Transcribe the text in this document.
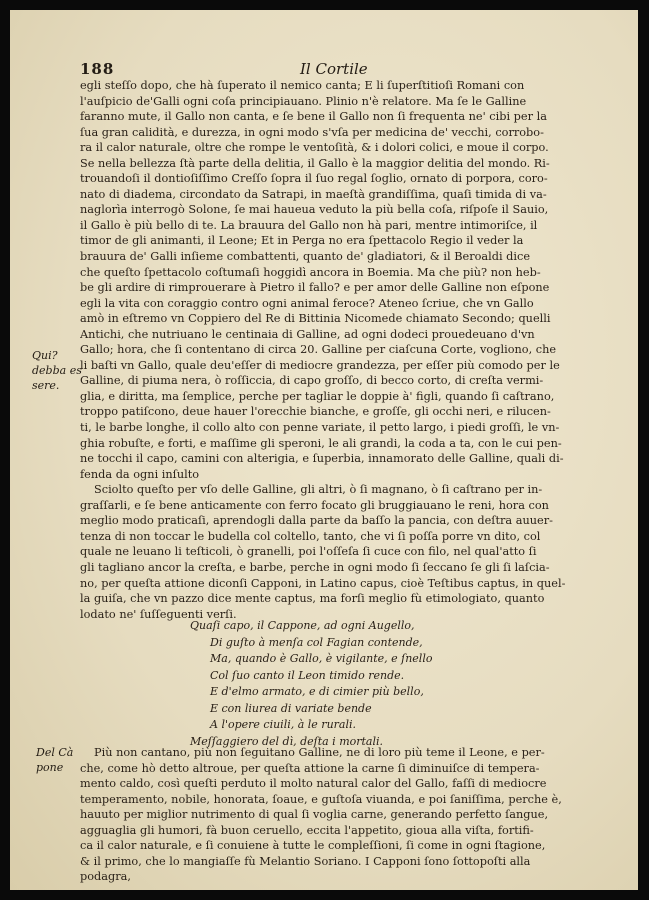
188	Il Cortile
Qui?
debba es
sere.
Del Cà
pone
egli steſſo dopo, che hà ſuperato il nemico canta; E li ſuperſtitioſi Romani con
l'auſpicio de'Galli ogni coſa principiauano. Plinio n'è relatore. Ma ſe le Galline
faranno mute, il Gallo non canta, e ſe bene il Gallo non ſi frequenta ne' cibi per la
ſua gran calidità, e durezza, in ogni modo s'vſa per medicina de' vecchi, corrobo-
ra il calor naturale, oltre che rompe le ventoſità, & i dolori colici, e moue il corpo.
Se nella bellezza ſtà parte della delitia, il Gallo è la maggior delitia del mondo. Ri-
trouandoſi il dontioſiſſimo Creſſo ſopra il ſuo regal ſoglio, ornato di porpora, coro-
nato di diadema, circondato da Satrapi, in maeſtà grandiſſima, quaſi timida di va-
naglorìa interrogò Solone, ſe mai haueua veduto la più bella coſa, riſpoſe il Sauio,
il Gallo è più bello di te. La brauura del Gallo non hà pari, mentre intimoriſce, il
timor de gli animanti, il Leone; Et in Perga no era ſpettacolo Regio il veder la
brauura de' Galli inſieme combattenti, quanto de' gladiatori, & il Beroaldi dice
che queſto ſpettacolo coſtumaſi hoggidì ancora in Boemia. Ma che più? non heb-
be gli ardire di rimprouerare à Pietro il fallo? e per amor delle Galline non eſpone
egli la vita con coraggio contro ogni animal feroce? Ateneo ſcriue, che vn Gallo
amò in eſtremo vn Coppiero del Re di Bittinia Nicomede chiamato Secondo; quelli
Antichi, che nutriuano le centinaia di Galline, ad ogni dodeci prouedeuano d'vn
Gallo; hora, che ſi contentano di circa 20. Galline per ciaſcuna Corte, vogliono, che
li baſti vn Gallo, quale deu'eſſer di mediocre grandezza, per eſſer più comodo per le
Galline, di piuma nera, ò roſſiccia, di capo groſſo, di becco corto, di creſta vermi-
glia, e diritta, ma ſemplice, perche per tagliar le doppie à' figli, quando ſi caſtrano,
troppo patiſcono, deue hauer l'orecchie bianche, e groſſe, gli occhi neri, e rilucen-
ti, le barbe longhe, il collo alto con penne variate, il petto largo, i piedi groſſi, le vn-
ghia robuſte, e forti, e maſſime gli speroni, le ali grandi, la coda a ta, con le cui pen-
ne tocchi il capo, camini con alterigia, e ſuperbia, innamorato delle Galline, quali di-
fenda da ogni inſulto
Sciolto queſto per vſo delle Galline, gli altri, ò ſi magnano, ò ſi caſtrano per in-
graſſarli, e ſe bene anticamente con ferro focato gli bruggiauano le reni, hora con
meglio modo praticaſi, aprendogli dalla parte da baſſo la pancia, con deſtra auuer-
tenza di non toccar le budella col coltello, tanto, che vi ſi poſſa porre vn dito, col
quale ne leuano li teſticoli, ò granelli, poi l'oſſeſa ſi cuce con filo, nel qual'atto ſi
gli tagliano ancor la creſta, e barbe, perche in ogni modo ſi ſeccano ſe gli ſi laſcia-
no, per queſta attione diconſi Capponi, in Latino capus, cioè Teſtibus captus, in quel-
la guiſa, che vn pazzo dice mente captus, ma forſi meglio fù etimologiato, quanto
lodato ne' ſuſſeguenti verſi.
Quaſi capo, il Cappone, ad ogni Augello,
Di guſto à menſa col Fagian contende,
Ma, quando è Gallo, è vigilante, e ſnello
Col ſuo canto il Leon timido rende.
E d'elmo armato, e di cimier più bello,
E con liurea di variate bende
A l'opere ciuili, à le rurali.
Meſſaggiero del dì, deſta i mortali.
Più non cantano, più non ſeguitano Galline, ne di loro più teme il Leone, e per-
che, come hò detto altroue, per queſta attione la carne ſi diminuiſce di tempera-
mento caldo, così queſti perduto il molto natural calor del Gallo, faſſi di mediocre
temperamento, nobile, honorata, ſoaue, e guſtoſa viuanda, e poi ſaniſſima, perche è,
hauuto per miglior nutrimento di qual ſi voglia carne, generando perfetto ſangue,
agguaglia gli humori, fà buon ceruello, eccita l'appetito, gioua alla viſta, fortifi-
ca il calor naturale, e ſi conuiene à tutte le compleſſioni, ſi come in ogni ſtagione,
& il primo, che lo mangiaſſe fù Melantio Soriano. I Capponi ſono ſottopoſti alla
podagra,
